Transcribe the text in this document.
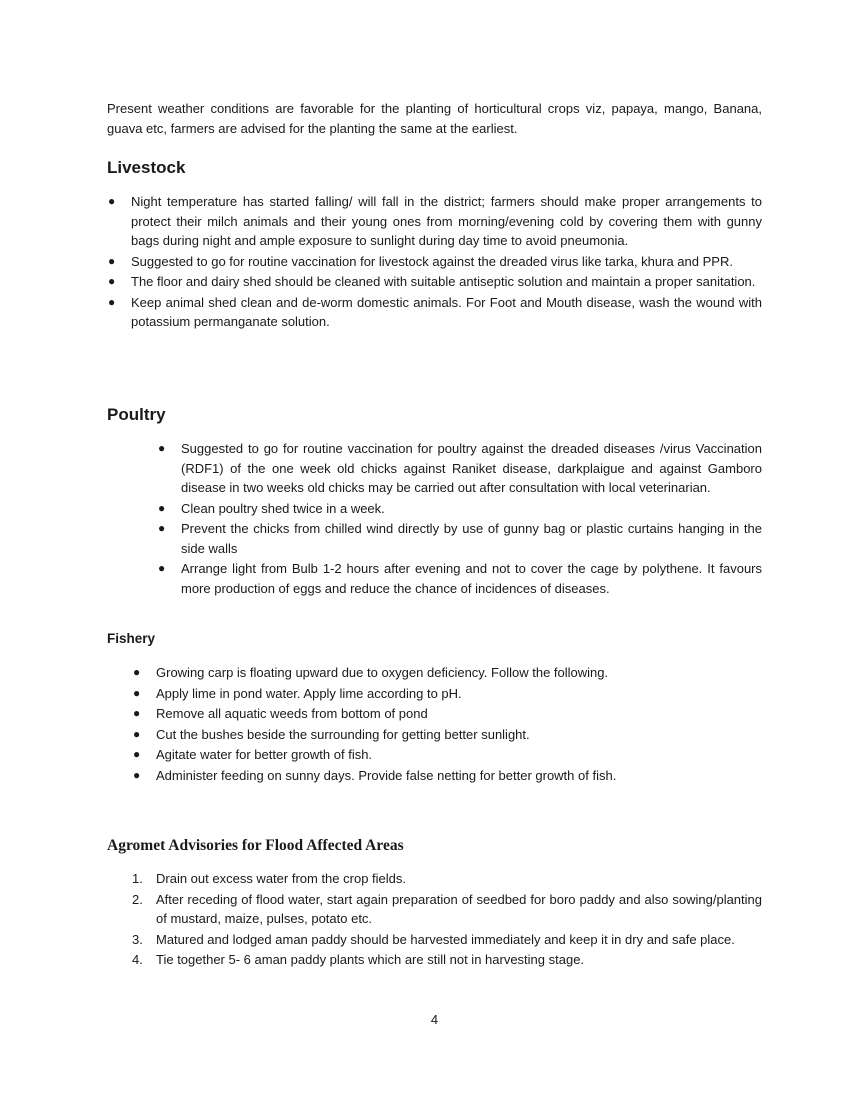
Present weather conditions are favorable for the planting of horticultural crops viz, papaya, mango, Banana, guava etc, farmers are advised for the planting the same at the earliest.

Livestock
● Night temperature has started falling/ will fall in the district; farmers should make proper arrangements to protect their milch animals and their young ones from morning/evening cold by covering them with gunny bags during night and ample exposure to sunlight during day time to avoid pneumonia.
● Suggested to go for routine vaccination for livestock against the dreaded virus like tarka, khura and PPR.
● The floor and dairy shed should be cleaned with suitable antiseptic solution and maintain a proper sanitation.
● Keep animal shed clean and de-worm domestic animals. For Foot and Mouth disease, wash the wound with potassium permanganate solution.
Poultry
● Suggested to go for routine vaccination for poultry against the dreaded diseases /virus Vaccination (RDF1) of the one week old chicks against Raniket disease, darkplaigue and against Gamboro disease in two weeks old chicks may be carried out after consultation with local veterinarian.
● Clean poultry shed twice in a week.
● Prevent the chicks from chilled wind directly by use of gunny bag or plastic curtains hanging in the side walls
● Arrange light from Bulb 1-2 hours after evening and not to cover the cage by polythene. It favours more production of eggs and reduce the chance of incidences of diseases.
Fishery
● Growing carp is floating upward due to oxygen deficiency. Follow the following.
● Apply lime in pond water. Apply lime according to pH.
● Remove all aquatic weeds from bottom of pond
● Cut the bushes beside the surrounding for getting better sunlight.
● Agitate water for better growth of fish.
● Administer feeding on sunny days. Provide false netting for better growth of fish.
Agromet Advisories for Flood Affected Areas
1. Drain out excess water from the crop fields.
2. After receding of flood water, start again preparation of seedbed for boro paddy and also sowing/planting of mustard, maize, pulses, potato etc.
3. Matured and lodged aman paddy should be harvested immediately and keep it in dry and safe place.
4. Tie together 5- 6 aman paddy plants which are still not in harvesting stage.
4
